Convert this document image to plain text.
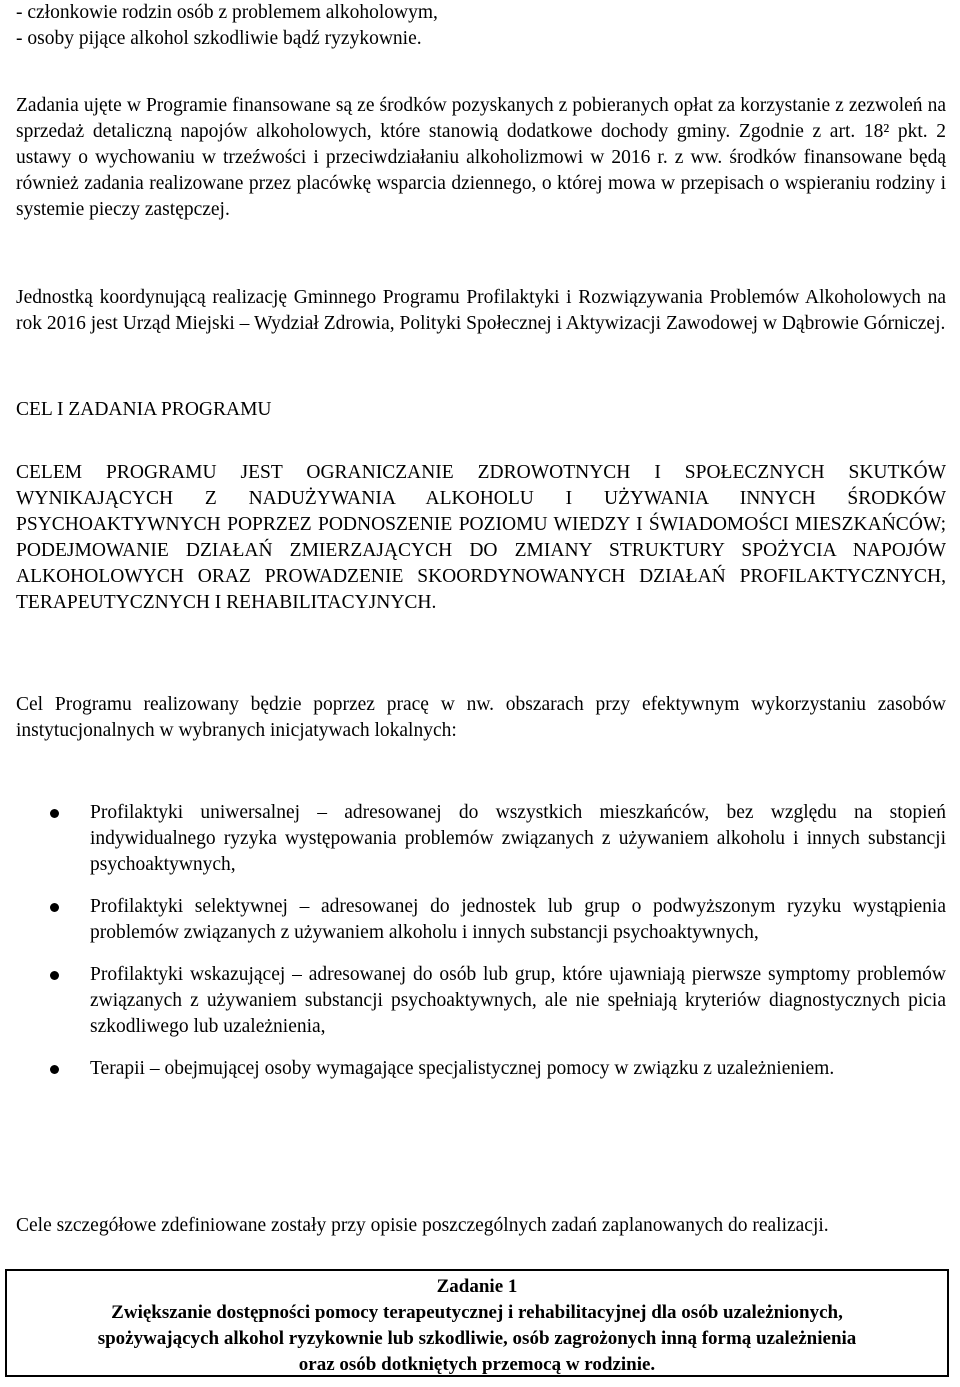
- członkowie rodzin osób z problemem alkoholowym,

- osoby pijące alkohol szkodliwie bądź ryzykownie.

Zadania ujęte w Programie finansowane są ze środków pozyskanych z pobieranych opłat za korzystanie z zezwoleń na sprzedaż detaliczną napojów alkoholowych, które stanowią dodatkowe dochody gminy. Zgodnie z art. 18² pkt. 2 ustawy o wychowaniu w trzeźwości i przeciwdziałaniu alkoholizmowi w 2016 r. z ww. środków finansowane będą również zadania realizowane przez placówkę wsparcia dziennego, o której mowa w przepisach o wspieraniu rodziny i systemie pieczy zastępczej.

Jednostką koordynującą realizację Gminnego Programu Profilaktyki i Rozwiązywania Problemów Alkoholowych na rok 2016 jest Urząd Miejski – Wydział Zdrowia, Polityki Społecznej i Aktywizacji Zawodowej w Dąbrowie Górniczej.

CEL I ZADANIA PROGRAMU

CELEM PROGRAMU JEST OGRANICZANIE ZDROWOTNYCH I SPOŁECZNYCH SKUTKÓW WYNIKAJĄCYCH Z NADUŻYWANIA ALKOHOLU I UŻYWANIA INNYCH ŚRODKÓW PSYCHOAKTYWNYCH POPRZEZ PODNOSZENIE POZIOMU WIEDZY I ŚWIADOMOŚCI MIESZKAŃCÓW; PODEJMOWANIE DZIAŁAŃ ZMIERZAJĄCYCH DO ZMIANY STRUKTURY SPOŻYCIA NAPOJÓW ALKOHOLOWYCH ORAZ PROWADZENIE SKOORDYNOWANYCH DZIAŁAŃ PROFILAKTYCZNYCH, TERAPEUTYCZNYCH I REHABILITACYJNYCH.

Cel Programu realizowany będzie poprzez pracę w nw. obszarach przy efektywnym wykorzystaniu zasobów instytucjonalnych w wybranych inicjatywach lokalnych:

Profilaktyki uniwersalnej – adresowanej do wszystkich mieszkańców, bez względu na stopień indywidualnego ryzyka występowania problemów związanych z używaniem alkoholu i innych substancji psychoaktywnych,
Profilaktyki selektywnej – adresowanej do jednostek lub grup o podwyższonym ryzyku wystąpienia problemów związanych z używaniem alkoholu i innych substancji psychoaktywnych,
Profilaktyki wskazującej – adresowanej do osób lub grup, które ujawniają pierwsze symptomy problemów związanych z używaniem substancji psychoaktywnych, ale nie spełniają kryteriów diagnostycznych picia szkodliwego lub uzależnienia,
Terapii – obejmującej osoby wymagające specjalistycznej pomocy w związku z uzależnieniem.

Cele szczegółowe zdefiniowane zostały przy opisie poszczególnych zadań zaplanowanych do realizacji.

Zadanie 1
Zwiększanie dostępności pomocy terapeutycznej i rehabilitacyjnej dla osób uzależnionych,
spożywających alkohol ryzykownie lub szkodliwie, osób zagrożonych inną formą uzależnienia
oraz osób dotkniętych przemocą w rodzinie.
